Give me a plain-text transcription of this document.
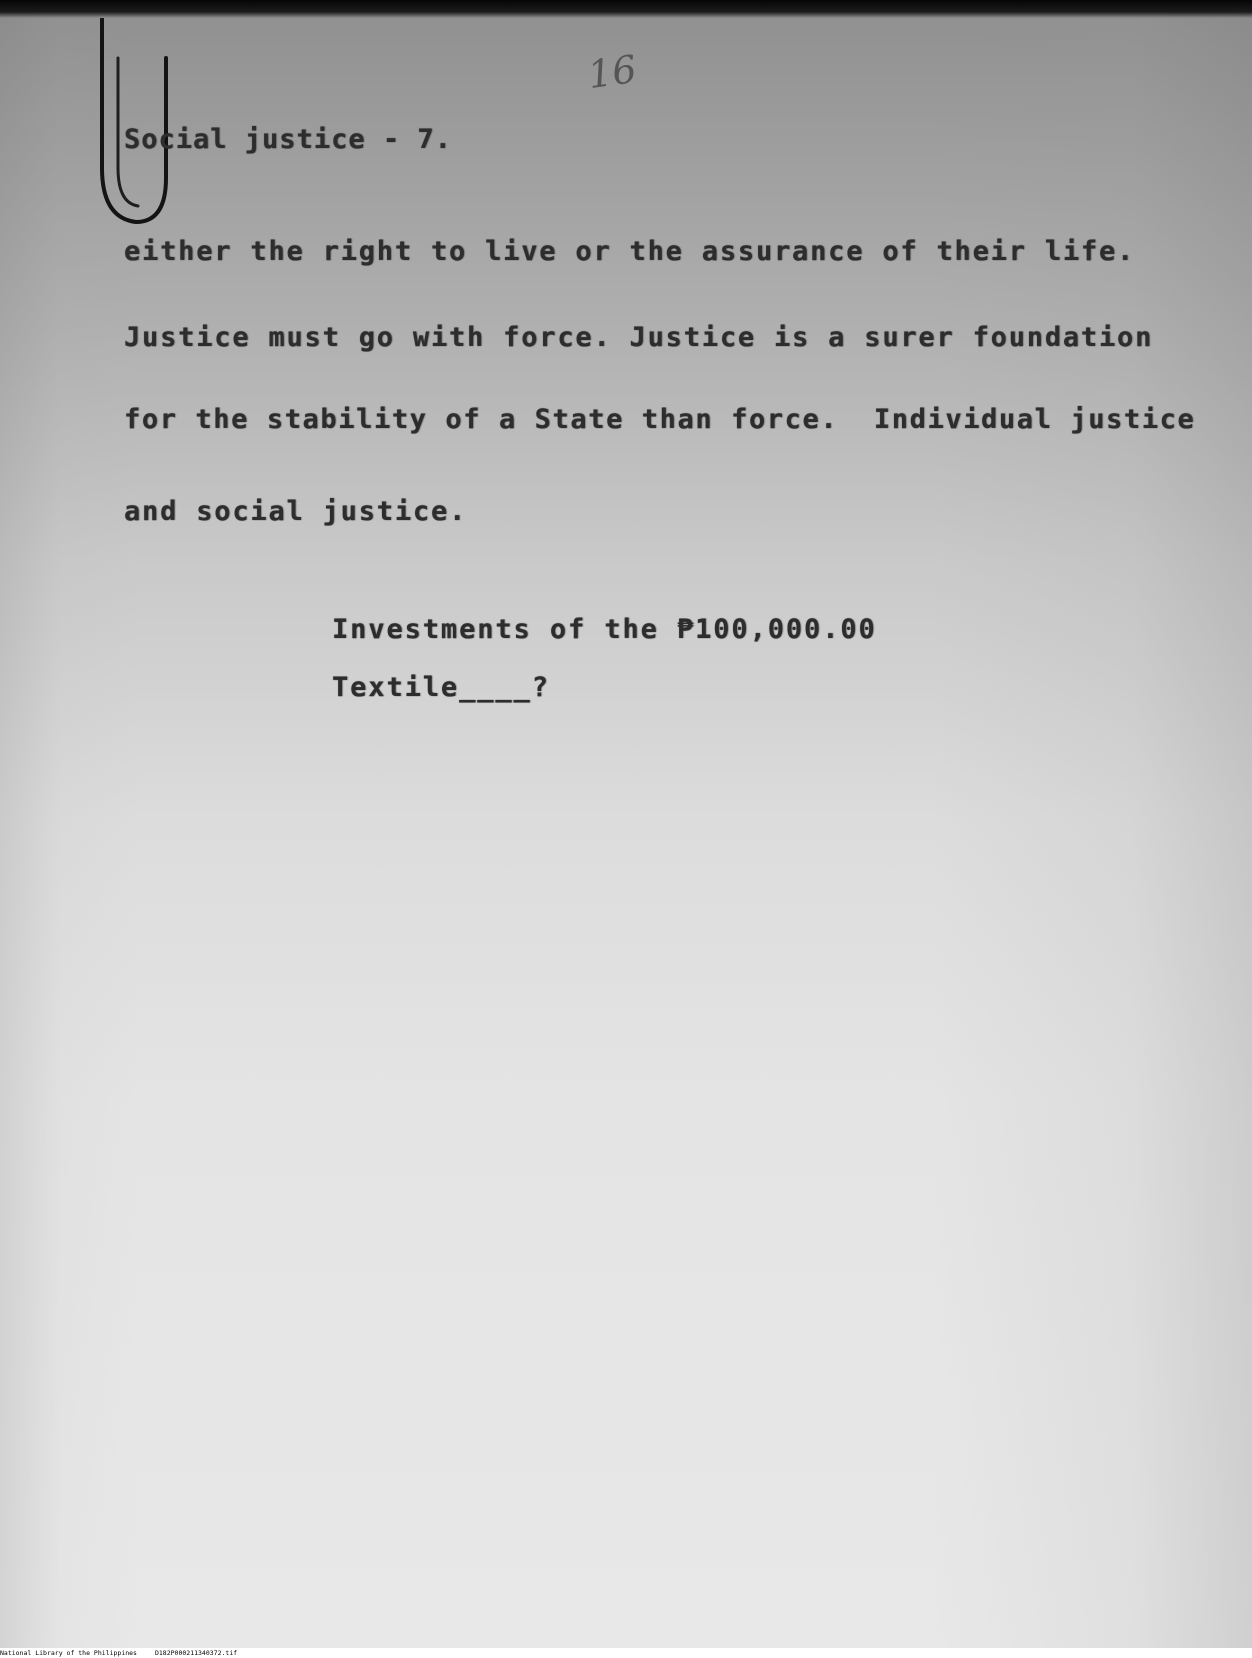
16
Social justice - 7.
either the right to live or the assurance of their life.
Justice must go with force. Justice is a surer foundation
for the stability of a State than force.  Individual justice
and social justice.
Investments of the ₱100,000.00
Textile____?
National Library of the Philippines	D182P000211340372.tif
